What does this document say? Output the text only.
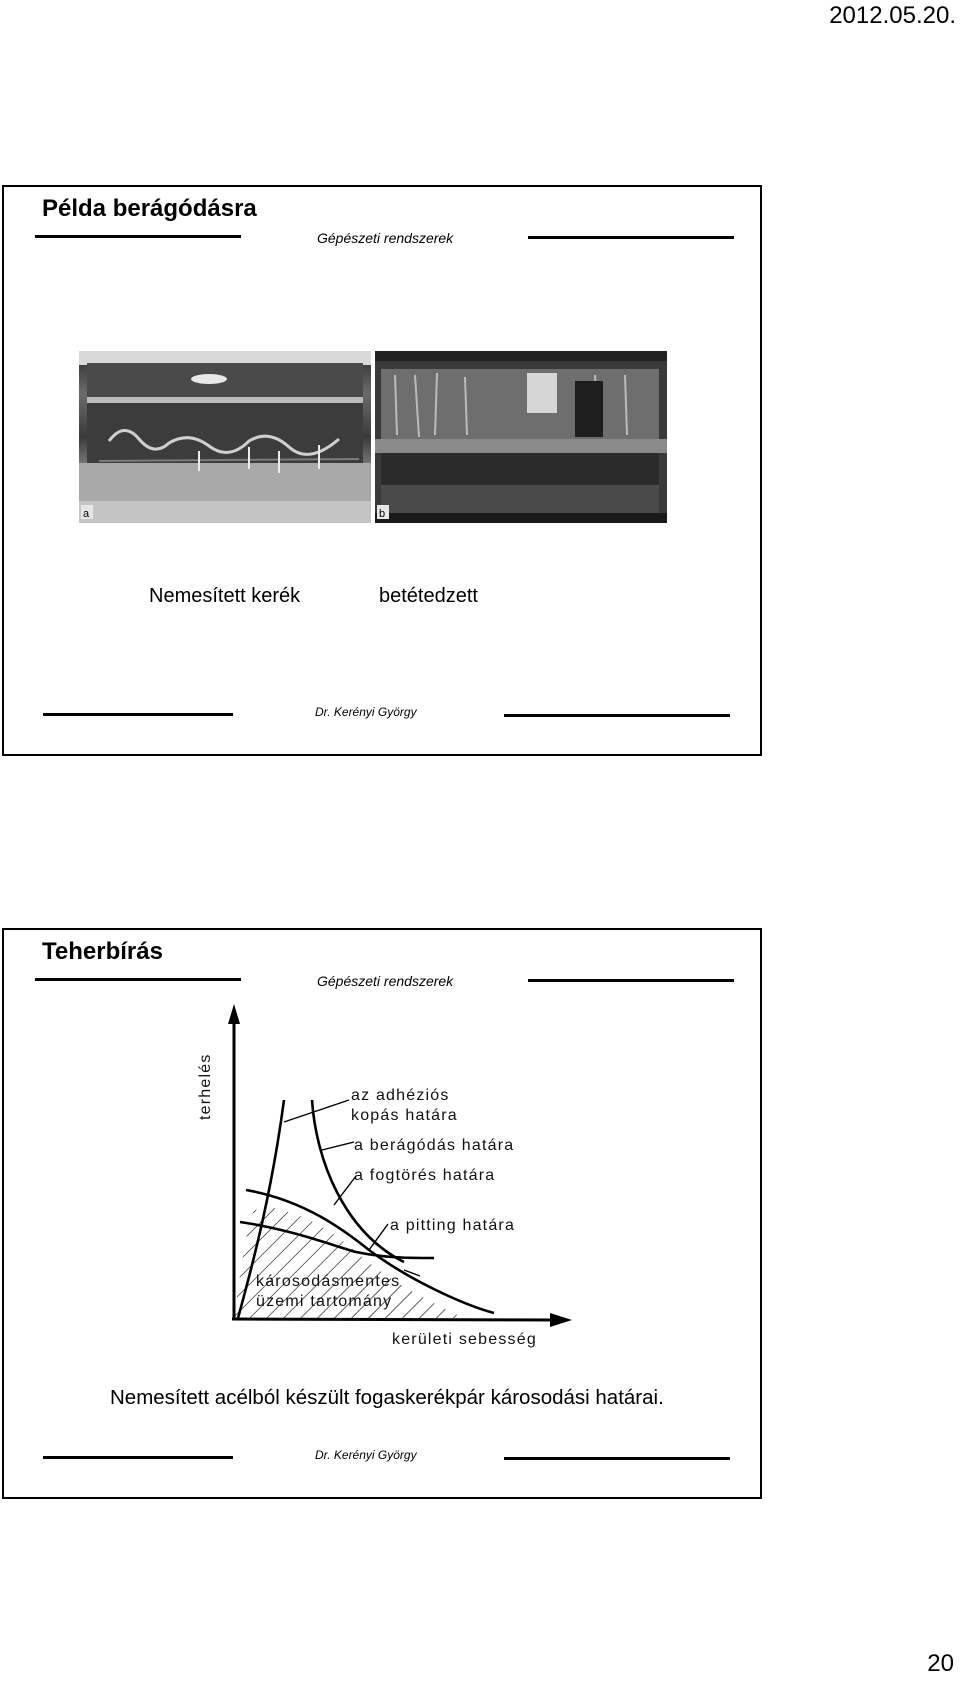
2012.05.20.
Példa berágódásra
Gépészeti rendszerek
a	b
Nemesített kerék	betétedzett
Dr. Kerényi György
Teherbírás
Gépészeti rendszerek
terhelés	az adhéziós
kopás határa
a berágódás határa
a fogtörés határa
a pitting határa
károsodásmentes
üzemi tartomány
kerületi sebesség
Nemesített acélból készült fogaskerékpár károsodási határai.
Dr. Kerényi György
20
